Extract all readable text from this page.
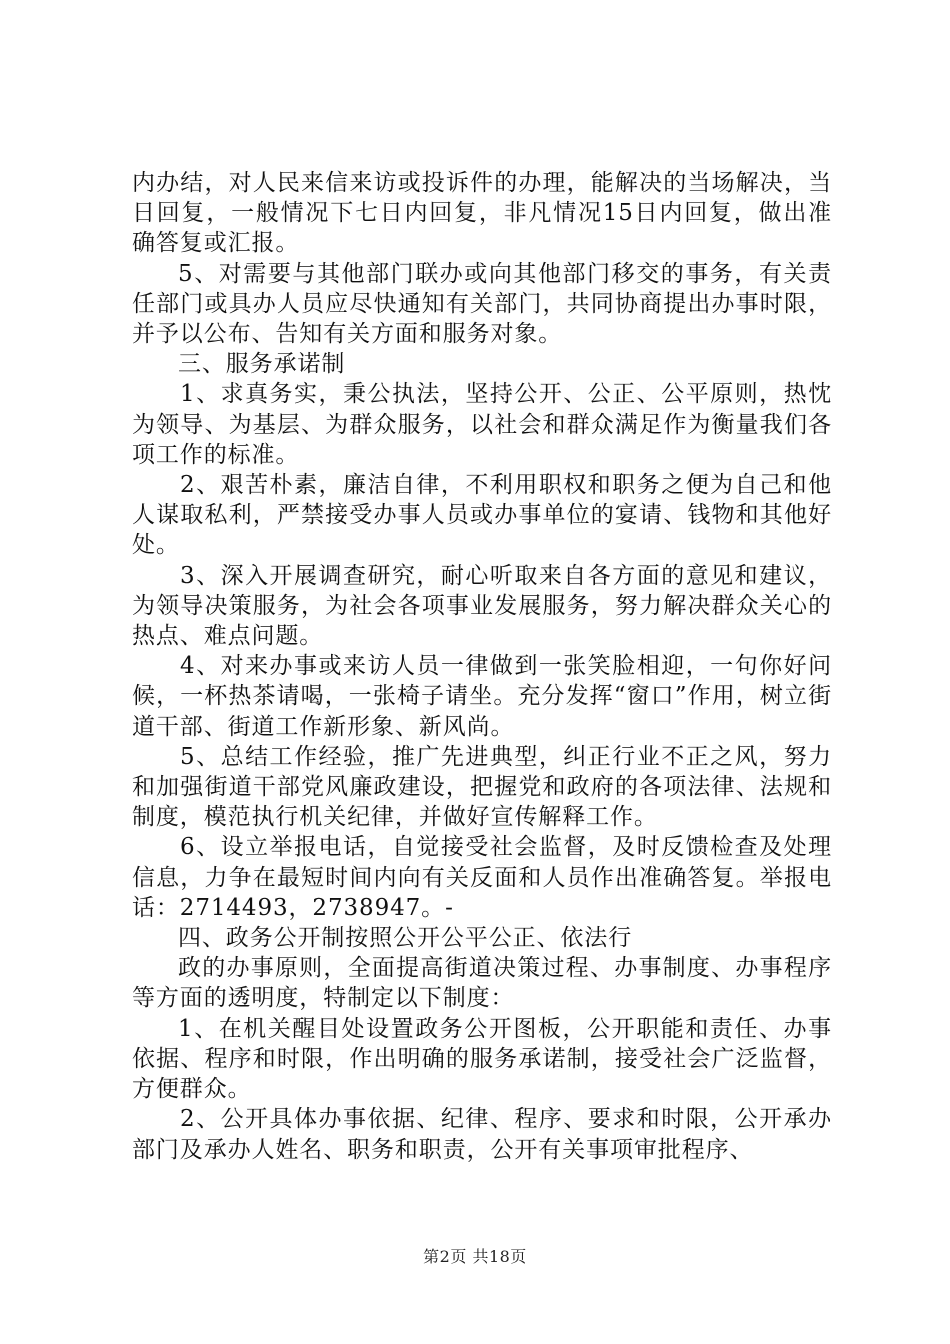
内办结，对人民来信来访或投诉件的办理，能解决的当场解决，当日回复，一般情况下七日内回复，非凡情况15日内回复，做出准确答复或汇报。

5、对需要与其他部门联办或向其他部门移交的事务，有关责任部门或具办人员应尽快通知有关部门，共同协商提出办事时限，并予以公布、告知有关方面和服务对象。

三、服务承诺制

1、求真务实，秉公执法，坚持公开、公正、公平原则，热忱为领导、为基层、为群众服务，以社会和群众满足作为衡量我们各项工作的标准。

2、艰苦朴素，廉洁自律，不利用职权和职务之便为自己和他人谋取私利，严禁接受办事人员或办事单位的宴请、钱物和其他好处。

3、深入开展调查研究，耐心听取来自各方面的意见和建议，为领导决策服务，为社会各项事业发展服务，努力解决群众关心的热点、难点问题。

4、对来办事或来访人员一律做到一张笑脸相迎，一句你好问候，一杯热茶请喝，一张椅子请坐。充分发挥“窗口”作用，树立街道干部、街道工作新形象、新风尚。

5、总结工作经验，推广先进典型，纠正行业不正之风，努力和加强街道干部党风廉政建设，把握党和政府的各项法律、法规和制度，模范执行机关纪律，并做好宣传解释工作。

6、设立举报电话，自觉接受社会监督，及时反馈检查及处理信息，力争在最短时间内向有关反面和人员作出准确答复。举报电话：2714493，2738947。-

四、政务公开制按照公开公平公正、依法行

政的办事原则，全面提高街道决策过程、办事制度、办事程序等方面的透明度，特制定以下制度：

1、在机关醒目处设置政务公开图板，公开职能和责任、办事依据、程序和时限，作出明确的服务承诺制，接受社会广泛监督，方便群众。

2、公开具体办事依据、纪律、程序、要求和时限，公开承办部门及承办人姓名、职务和职责，公开有关事项审批程序、

第2页 共18页
